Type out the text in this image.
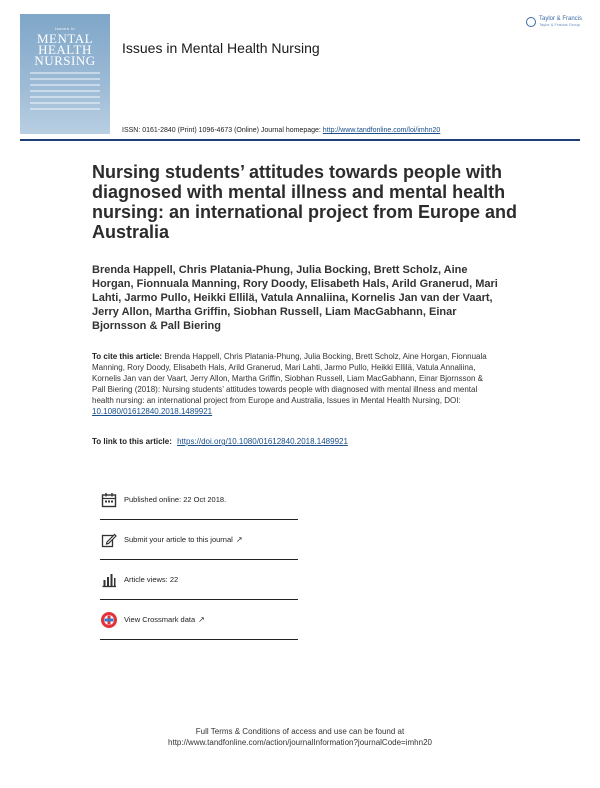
Issues in
MENTAL
HEALTH
NURSING
Issues in Mental Health Nursing
Taylor & Francis
Taylor & Francis Group
ISSN: 0161-2840 (Print) 1096-4673 (Online) Journal homepage: http://www.tandfonline.com/loi/imhn20
Nursing students’ attitudes towards people with diagnosed with mental illness and mental health nursing: an international project from Europe and Australia
Brenda Happell, Chris Platania-Phung, Julia Bocking, Brett Scholz, Aine Horgan, Fionnuala Manning, Rory Doody, Elisabeth Hals, Arild Granerud, Mari Lahti, Jarmo Pullo, Heikki Ellilä, Vatula Annaliina, Kornelis Jan van der Vaart, Jerry Allon, Martha Griffin, Siobhan Russell, Liam MacGabhann, Einar Bjornsson & Pall Biering
To cite this article: Brenda Happell, Chris Platania-Phung, Julia Bocking, Brett Scholz, Aine Horgan, Fionnuala Manning, Rory Doody, Elisabeth Hals, Arild Granerud, Mari Lahti, Jarmo Pullo, Heikki Ellilä, Vatula Annaliina, Kornelis Jan van der Vaart, Jerry Allon, Martha Griffin, Siobhan Russell, Liam MacGabhann, Einar Bjornsson & Pall Biering (2018): Nursing students’ attitudes towards people with diagnosed with mental illness and mental health nursing: an international project from Europe and Australia, Issues in Mental Health Nursing, DOI: 10.1080/01612840.2018.1489921
To link to this article: https://doi.org/10.1080/01612840.2018.1489921
Published online: 22 Oct 2018.
Submit your article to this journal ↗
Article views: 22
View Crossmark data ↗
Full Terms & Conditions of access and use can be found at
http://www.tandfonline.com/action/journalInformation?journalCode=imhn20
